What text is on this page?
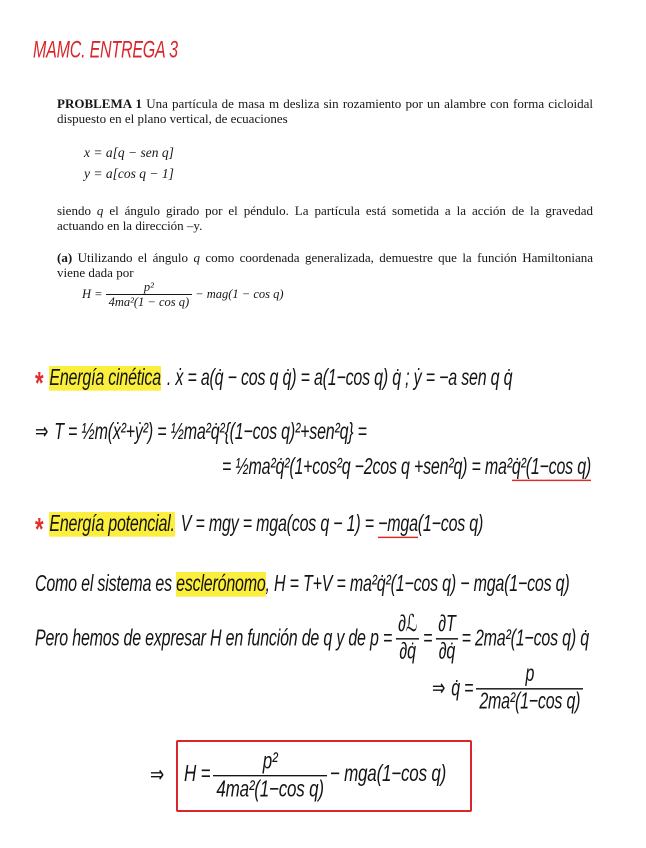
MAMC. ENTREGA 3
PROBLEMA 1 Una partícula de masa m desliza sin rozamiento por un alambre con forma cicloidal
dispuesto en el plano vertical, de ecuaciones
x = a[q − sen q]
y = a[cos q − 1]
siendo q el ángulo girado por el péndulo. La partícula está sometida a la acción de la gravedad
actuando en la dirección –y.
(a) Utilizando el ángulo q como coordenada generalizada, demuestre que la función Hamiltoniana
viene dada por
$H = \frac{\text{p²}}{\text{4ma²(1 − cos q)}} - mag(1 - \cos q)$
* Energía cinética . ẋ = a(q̇ − cos q q̇) = a(1−cos q) q̇ ; ẏ = −a sen q q̇
⇒ T = ½m(ẋ²+ẏ²) = ½ma²q̇²{(1−cos q)²+sen²q} =
= ½ma²q̇²(1+cos²q −2cos q +sen²q) = ma²q̇²(1−cos q)
* Energía potencial. V = mgy = mga(cos q − 1) = −mga(1−cos q)
Como el sistema es esclerónomo, H = T+V = ma²q̇²(1−cos q) − mga(1−cos q)
Pero hemos de expresar H en función de q y de $p = \frac{\text{∂ℒ}}{\partial q̇} = \frac{\partial T}{\partial q̇} = 2ma^2(1-\cos$ q) q̇
⇒ q̇ = $\frac{p}{\text{2ma²(1−cos q)}}$
⇒ $H = \frac{\text{p²}}{\text{4ma²(1−cos q)}} - mga(1-\cos$ q)
